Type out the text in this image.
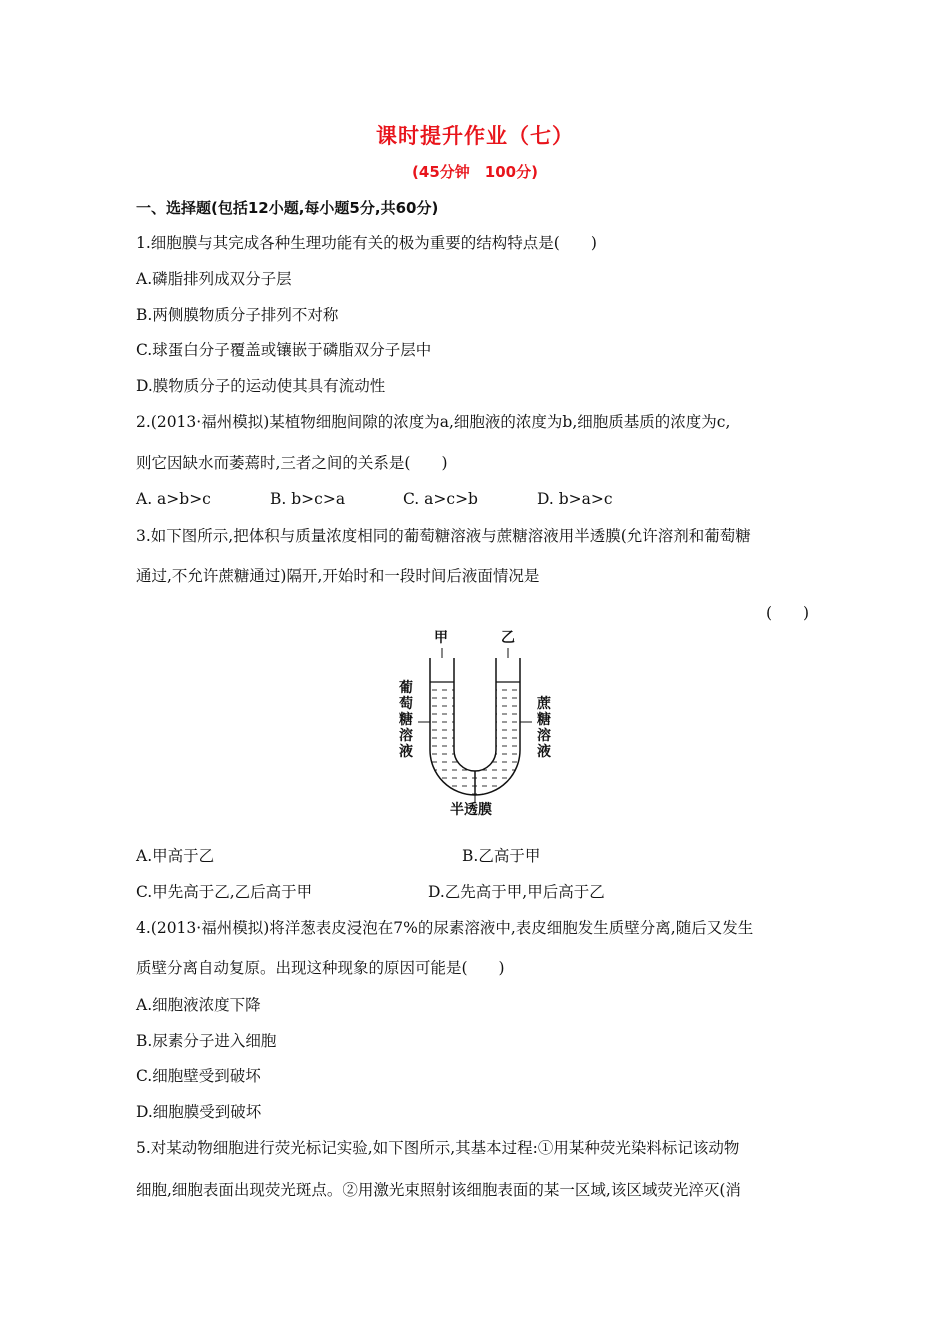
课时提升作业（七）
(45分钟　100分)
一、选择题(包括12小题,每小题5分,共60分)
1.细胞膜与其完成各种生理功能有关的极为重要的结构特点是(　　)
A.磷脂排列成双分子层
B.两侧膜物质分子排列不对称
C.球蛋白分子覆盖或镶嵌于磷脂双分子层中
D.膜物质分子的运动使其具有流动性
2.(2013·福州模拟)某植物细胞间隙的浓度为a,细胞液的浓度为b,细胞质基质的浓度为c,
则它因缺水而萎蔫时,三者之间的关系是(　　)
A. a>b>c	B. b>c>a	C. a>c>b	D. b>a>c
3.如下图所示,把体积与质量浓度相同的葡萄糖溶液与蔗糖溶液用半透膜(允许溶剂和葡萄糖
通过,不允许蔗糖通过)隔开,开始时和一段时间后液面情况是
(　　)
甲	乙
葡萄糖溶液
蔗糖溶液
半透膜
A.甲高于乙	B.乙高于甲
C.甲先高于乙,乙后高于甲	D.乙先高于甲,甲后高于乙
4.(2013·福州模拟)将洋葱表皮浸泡在7%的尿素溶液中,表皮细胞发生质壁分离,随后又发生
质壁分离自动复原。出现这种现象的原因可能是(　　)
A.细胞液浓度下降
B.尿素分子进入细胞
C.细胞壁受到破坏
D.细胞膜受到破坏
5.对某动物细胞进行荧光标记实验,如下图所示,其基本过程:①用某种荧光染料标记该动物
细胞,细胞表面出现荧光斑点。②用激光束照射该细胞表面的某一区域,该区域荧光淬灭(消
